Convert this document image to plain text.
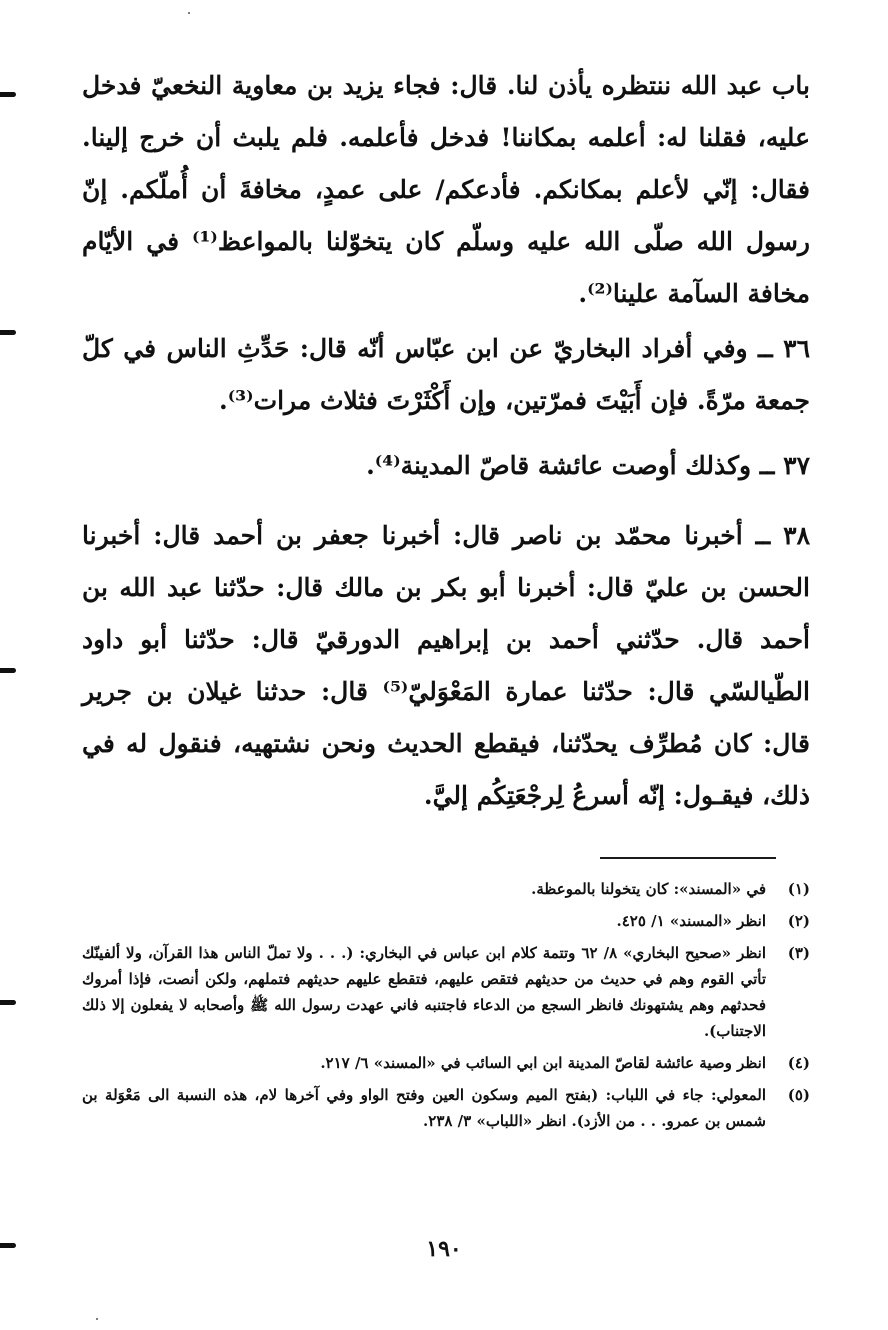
باب عبد الله ننتظره يأذن لنا. قال: فجاء يزيد بن معاوية النخعيّ فدخل عليه، فقلنا له: أعلمه بمكاننا! فدخل فأعلمه. فلم يلبث أن خرج إلينا. فقال: إنّي لأعلم بمكانكم. فأدعكم/ على عمدٍ، مخافةَ أن أُملّكم. إنّ رسول الله صلّى الله عليه وسلّم كان يتخوّلنا بالمواعظ⁽¹⁾ في الأيّام مخافة السآمة علينا⁽²⁾.
٣٦ ــ وفي أفراد البخاريّ عن ابن عبّاس أنّه قال: حَدِّثِ الناس في كلّ جمعة مرّةً. فإن أَبَيْتَ فمرّتين، وإن أَكْثَرْتَ فثلاث مرات⁽³⁾.
٣٧ ــ وكذلك أوصت عائشة قاصّ المدينة⁽⁴⁾.
٣٨ ــ أخبرنا محمّد بن ناصر قال: أخبرنا جعفر بن أحمد قال: أخبرنا الحسن بن عليّ قال: أخبرنا أبو بكر بن مالك قال: حدّثنا عبد الله بن أحمد قال. حدّثني أحمد بن إبراهيم الدورقيّ قال: حدّثنا أبو داود الطّيالسّي قال: حدّثنا عمارة المَعْوَليّ⁽⁵⁾ قال: حدثنا غيلان بن جرير قال: كان مُطرِّف يحدّثنا، فيقطع الحديث ونحن نشتهيه، فنقول له في ذلك، فيقـول: إنّه أسرعُ لِرجْعَتِكُم إليَّ.
(١)
في «المسند»: كان يتخولنا بالموعظة.
(٢)
انظر «المسند» ١/ ٤٢٥.
(٣)
انظر «صحيح البخاري» ٨/ ٦٢ وتتمة كلام ابن عباس في البخاري: (. . . ولا تملّ الناس هذا القرآن، ولا ألفينّك تأتي القوم وهم في حديث من حديثهم فتقص عليهم، فتقطع عليهم حديثهم فتملهم، ولكن أنصت، فإذا أمروك فحدثهم وهم يشتهونك فانظر السجع من الدعاء فاجتنبه فاني عهدت رسول الله ﷺ وأصحابه لا يفعلون إلا ذلك الاجتناب).
(٤)
انظر وصية عائشة لقاصّ المدينة ابن ابي السائب في «المسند» ٦/ ٢١٧.
(٥)
المعولي: جاء في اللباب: (بفتح الميم وسكون العين وفتح الواو وفي آخرها لام، هذه النسبة الى مَعْوَلة بن شمس بن عمرو. . . من الأزد). انظر «اللباب» ٣/ ٢٣٨.
١٩٠
